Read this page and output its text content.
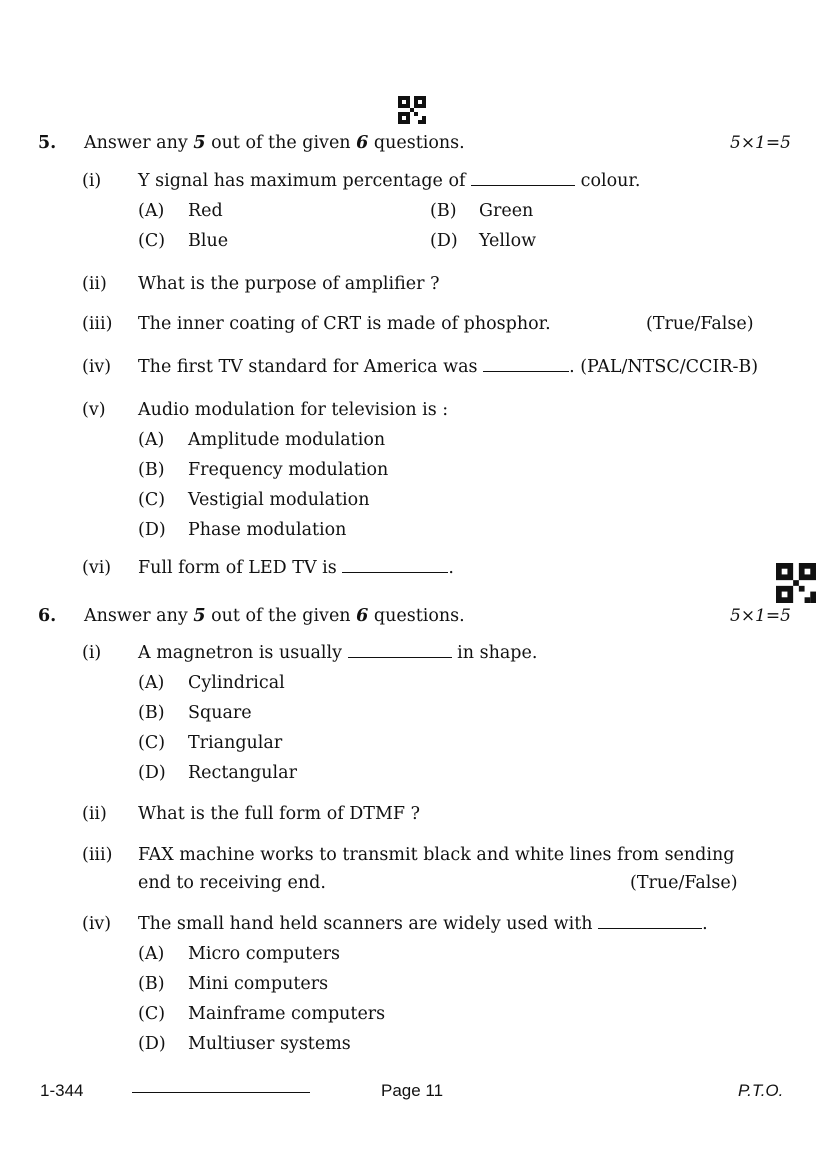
5. Answer any 5 out of the given 6 questions.	5×1=5
(i) Y signal has maximum percentage of	colour.
(A) Red	(B) Green
(C) Blue	(D) Yellow
(ii) What is the purpose of amplifier ?
(iii) The inner coating of CRT is made of phosphor.	(True/False)
(iv) The first TV standard for America was	. (PAL/NTSC/CCIR-B)
(v) Audio modulation for television is :
(A) Amplitude modulation
(B) Frequency modulation
(C) Vestigial modulation
(D) Phase modulation
(vi) Full form of LED TV is	.
6. Answer any 5 out of the given 6 questions.	5×1=5
(i) A magnetron is usually	in shape.
(A) Cylindrical
(B) Square
(C) Triangular
(D) Rectangular
(ii) What is the full form of DTMF ?
(iii) FAX machine works to transmit black and white lines from sending
end to receiving end.	(True/False)
(iv) The small hand held scanners are widely used with	.
(A) Micro computers
(B) Mini computers
(C) Mainframe computers
(D) Multiuser systems
1-344	Page 11	P.T.O.
